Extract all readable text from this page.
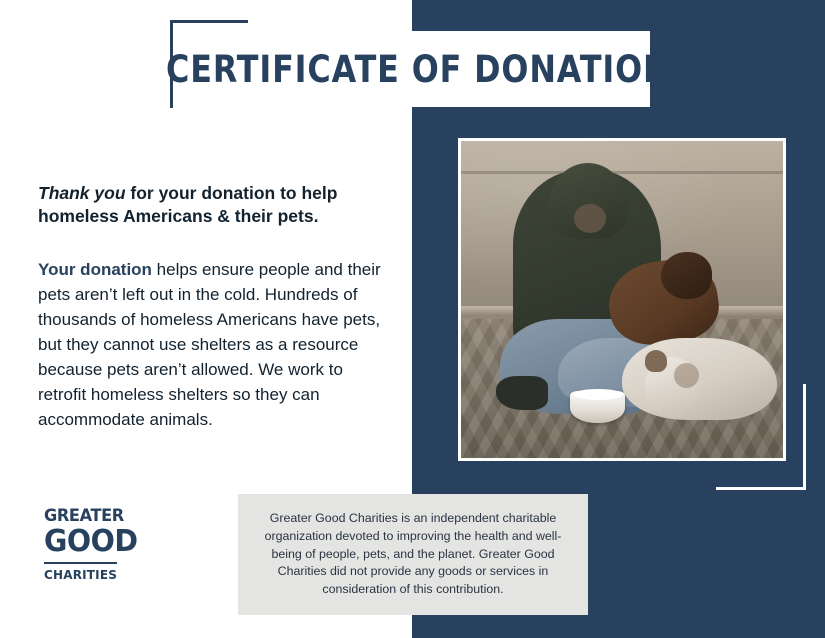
CERTIFICATE OF DONATION
Thank you for your donation to help homeless Americans & their pets.
Your donation helps ensure people and their pets aren’t left out in the cold. Hundreds of thousands of homeless Americans have pets, but they cannot use shelters as a resource because pets aren’t allowed. We work to retrofit homeless shelters so they can accommodate animals.
GREATER
GOOD
CHARITIES

Greater Good Charities is an independent charitable organization devoted to improving the health and well-being of people, pets, and the planet. Greater Good Charities did not provide any goods or services in consideration of this contribution.
